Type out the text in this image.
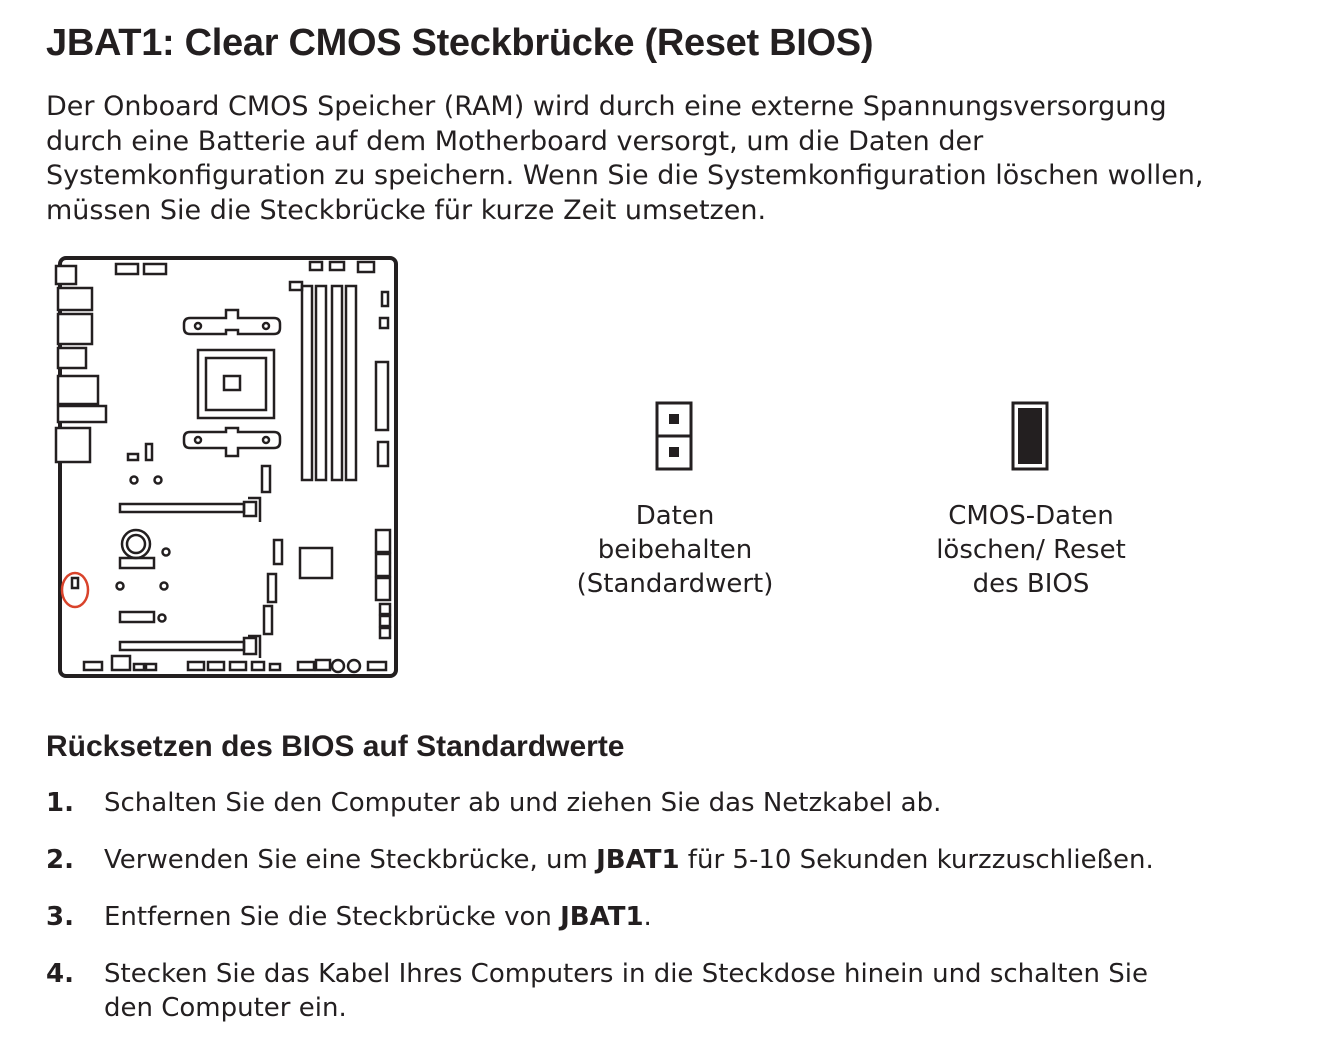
JBAT1: Clear CMOS Steckbrücke (Reset BIOS)

Der Onboard CMOS Speicher (RAM) wird durch eine externe Spannungsversorgung
durch eine Batterie auf dem Motherboard versorgt, um die Daten der
Systemkonfiguration zu speichern. Wenn Sie die Systemkonfiguration löschen wollen,
müssen Sie die Steckbrücke für kurze Zeit umsetzen.

Daten
beibehalten
(Standardwert)
CMOS-Daten
löschen/ Reset
des BIOS
Rücksetzen des BIOS auf Standardwerte
1. Schalten Sie den Computer ab und ziehen Sie das Netzkabel ab.
2. Verwenden Sie eine Steckbrücke, um JBAT1 für 5-10 Sekunden kurzzuschließen.
3. Entfernen Sie die Steckbrücke von JBAT1.
4. Stecken Sie das Kabel Ihres Computers in die Steckdose hinein und schalten Sie
den Computer ein.
